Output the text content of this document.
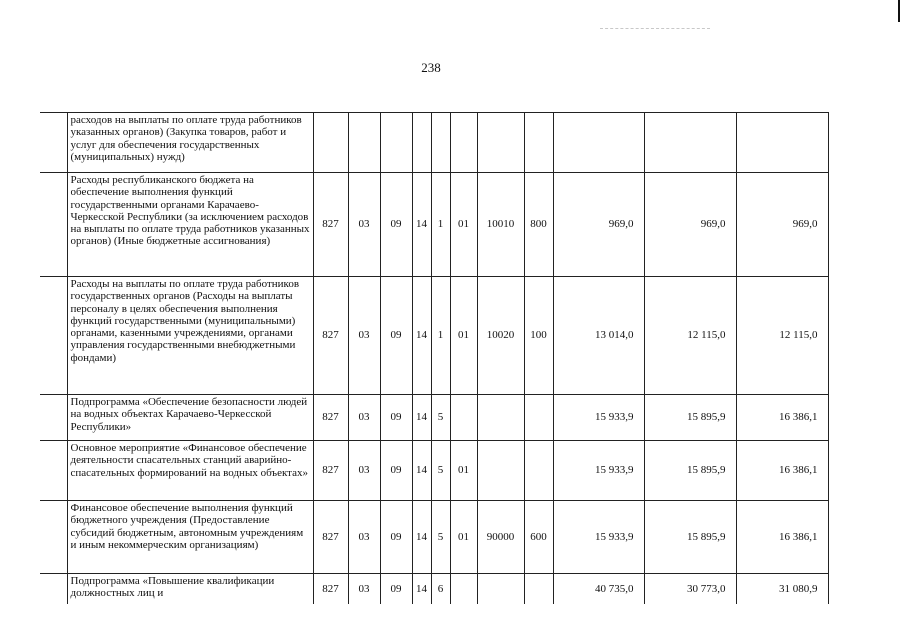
238
	расходов на выплаты по оплате труда работников указанных органов) (Закупка товаров, работ и услуг для обеспечения государственных (муниципальных) нужд)											
	Расходы республиканского бюджета на обеспечение выполнения функций государственными органами Карачаево-Черкесской Республики (за исключением расходов на выплаты по оплате труда работников указанных органов) (Иные бюджетные ассигнования)	827	03	09	14	1	01	10010	800	969,0	969,0	969,0
	Расходы на выплаты по оплате труда работников государственных органов (Расходы на выплаты персоналу в целях обеспечения выполнения функций государственными (муниципальными) органами, казенными учреждениями, органами управления государственными внебюджетными фондами)	827	03	09	14	1	01	10020	100	13 014,0	12 115,0	12 115,0
	Подпрограмма «Обеспечение безопасности людей на водных объектах Карачаево-Черкесской Республики»	827	03	09	14	5				15 933,9	15 895,9	16 386,1
	Основное мероприятие «Финансовое обеспечение деятельности спасательных станций аварийно-спасательных формирований на водных объектах»	827	03	09	14	5	01			15 933,9	15 895,9	16 386,1
	Финансовое обеспечение выполнения функций бюджетного учреждения (Предоставление субсидий бюджетным, автономным учреждениям и иным некоммерческим организациям)	827	03	09	14	5	01	90000	600	15 933,9	15 895,9	16 386,1
	Подпрограмма «Повышение квалификации должностных лиц и	827	03	09	14	6				40 735,0	30 773,0	31 080,9
